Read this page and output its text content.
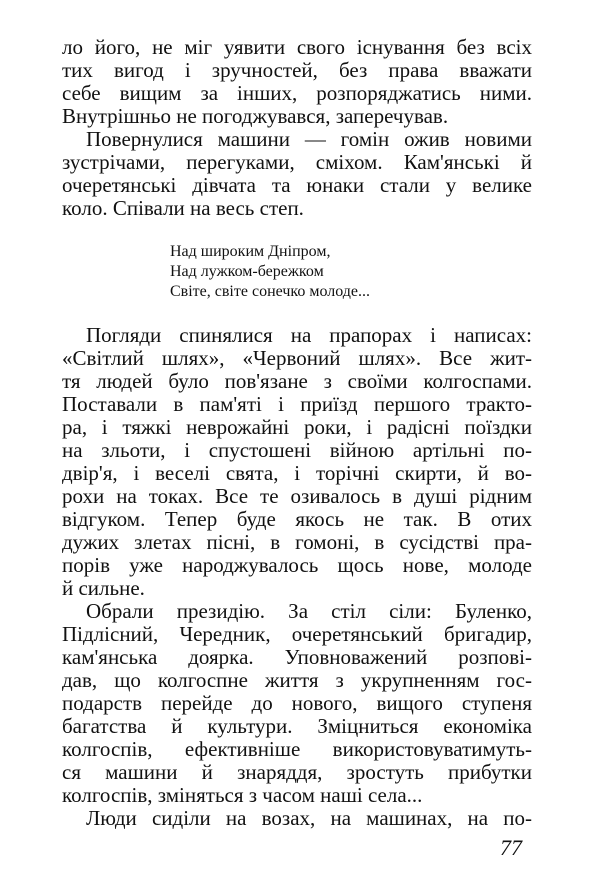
ло його, не міг уявити свого існування без всіх
тих вигод і зручностей, без права вважати
себе вищим за інших, розпоряджатись ними.
Внутрішньо не погоджувався, заперечував.
Повернулися машини — гомін ожив новими
зустрічами, перегуками, сміхом. Кам'янські й
очеретянські дівчата та юнаки стали у велике
коло. Співали на весь степ.
Над широким Дніпром,
Над лужком-бережком
Світе, світе сонечко молоде...
Погляди спинялися на прапорах і написах:
«Світлий шлях», «Червоний шлях». Все жит-
тя людей було пов'язане з своїми колгоспами.
Поставали в пам'яті і приїзд першого тракто-
ра, і тяжкі неврожайні роки, і радісні поїздки
на зльоти, і спустошені війною артільні по-
двір'я, і веселі свята, і торічні скирти, й во-
рохи на токах. Все те озивалось в душі рідним
відгуком. Тепер буде якось не так. В отих
дужих злетах пісні, в гомоні, в сусідстві пра-
порів уже народжувалось щось нове, молоде
й сильне.
Обрали президію. За стіл сіли: Буленко,
Підлісний, Чередник, очеретянський бригадир,
кам'янська доярка. Уповноважений розпові-
дав, що колгоспне життя з укрупненням гос-
подарств перейде до нового, вищого ступеня
багатства й культури. Зміцниться економіка
колгоспів, ефективніше використовуватимуть-
ся машини й знаряддя, зростуть прибутки
колгоспів, зміняться з часом наші села...
Люди сиділи на возах, на машинах, на по-
77
